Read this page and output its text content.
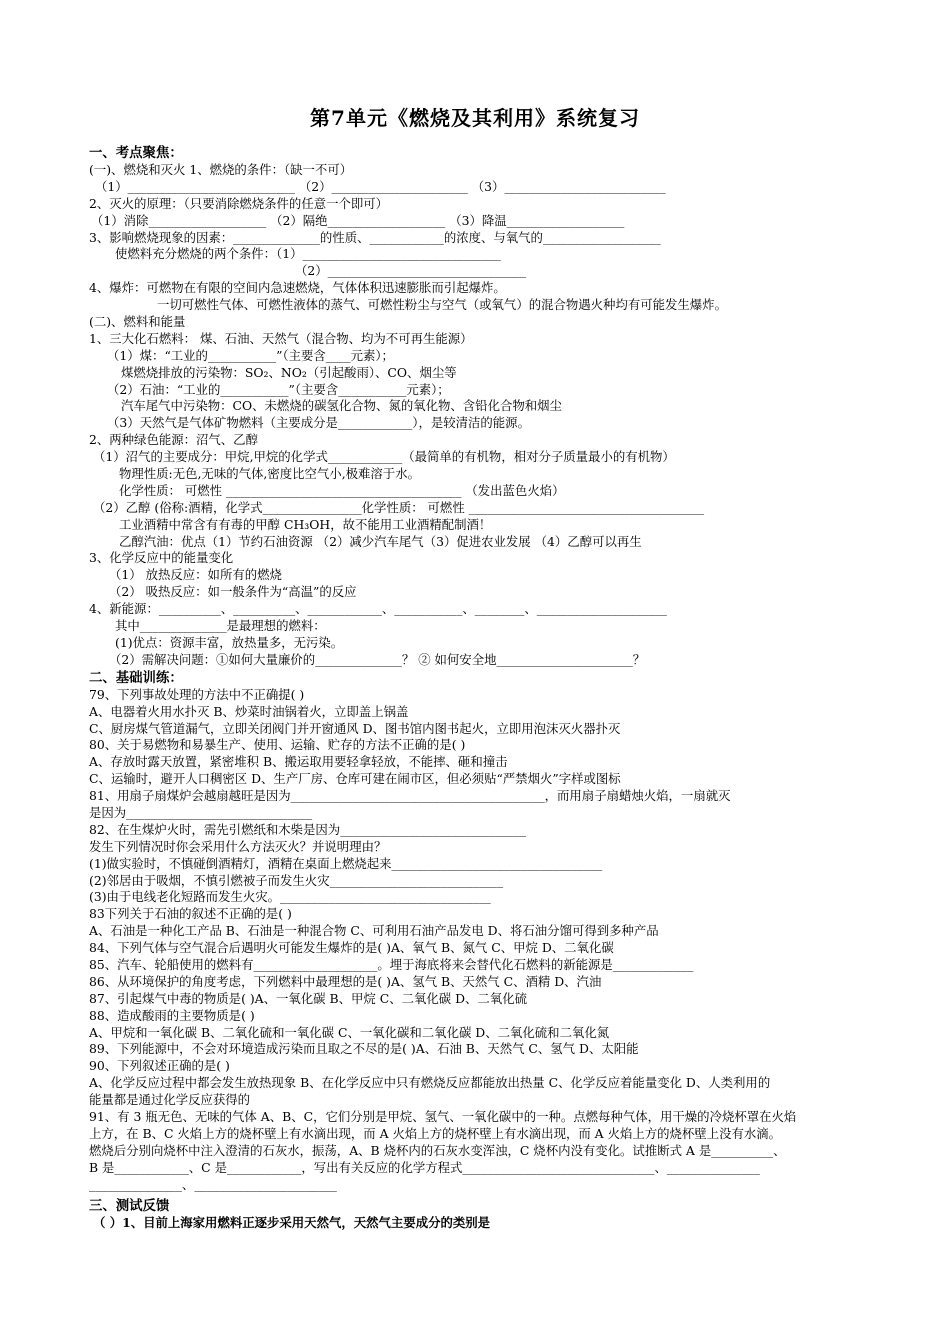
第7单元《燃烧及其利用》系统复习
一、考点聚焦：
(一)、燃烧和灭火 1、燃烧的条件：（缺一不可）
（1）___________________________ （2）______________________ （3）__________________________
2、灭火的原理：（只要消除燃烧条件的任意一个即可）
（1）消除___________________ （2）隔绝___________________ （3）降温___________________
3、影响燃烧现象的因素：______________的性质、____________的浓度、与氧气的___________________
使燃料充分燃烧的两个条件：（1）________________________________
（2）________________________________
4、爆炸：可燃物在有限的空间内急速燃烧，气体体积迅速膨胀而引起爆炸。
一切可燃性气体、可燃性液体的蒸气、可燃性粉尘与空气（或氧气）的混合物遇火种均有可能发生爆炸。
(二)、燃料和能量
1、三大化石燃料： 煤、石油、天然气（混合物、均为不可再生能源）
（1）煤：“工业的___________”（主要含____元素）；
煤燃烧排放的污染物：SO₂、NO₂（引起酸雨）、CO、烟尘等
（2）石油：“工业的___________”（主要含___________元素）；
汽车尾气中污染物：CO、未燃烧的碳氢化合物、氮的氧化物、含铅化合物和烟尘
（3）天然气是气体矿物燃料（主要成分是____________），是较清洁的能源。
2、两种绿色能源：沼气、乙醇
（1）沼气的主要成分：甲烷,甲烷的化学式____________（最简单的有机物，相对分子质量最小的有机物）
物理性质:无色,无味的气体,密度比空气小,极难溶于水。
化学性质： 可燃性 ______________________________________ （发出蓝色火焰）
（2）乙醇 (俗称:酒精，化学式________________化学性质： 可燃性 ______________________________________
工业酒精中常含有有毒的甲醇 CH₃OH，故不能用工业酒精配制酒！
乙醇汽油：优点（1）节约石油资源 （2）减少汽车尾气（3）促进农业发展 （4）乙醇可以再生
3、化学反应中的能量变化
（1） 放热反应：如所有的燃烧
（2） 吸热反应：如一般条件为“高温”的反应
4、新能源：__________、__________、____________、___________、________、_____________________
其中______________是最理想的燃料：
(1)优点：资源丰富，放热量多，无污染。
（2）需解决问题：①如何大量廉价的______________？ ② 如何安全地______________________？
二、基础训练：
79、下列事故处理的方法中不正确提( )
A、电器着火用水扑灭 B、炒菜时油锅着火，立即盖上锅盖
C、厨房煤气管道漏气，立即关闭阀门并开窗通风 D、图书馆内图书起火，立即用泡沫灭火器扑灭
80、关于易燃物和易暴生产、使用、运输、贮存的方法不正确的是( )
A、存放时露天放置，紧密堆积 B、搬运取用要轻拿轻放，不能摔、砸和撞击
C、运输时，避开人口稠密区 D、生产厂房、仓库可建在闹市区，但必须贴“严禁烟火”字样或图标
81、用扇子扇煤炉会越扇越旺是因为_________________________________________，而用扇子扇蜡烛火焰，一扇就灭
是因为______________________________
82、在生煤炉火时，需先引燃纸和木柴是因为______________________________
发生下列情况时你会采用什么方法灭火？并说明理由？
(1)做实验时，不慎碰倒酒精灯，酒精在桌面上燃烧起来__________________________________
(2)邻居由于吸烟，不慎引燃被子而发生火灾____________________________
(3)由于电线老化短路而发生火灾。__________________________________
83下列关于石油的叙述不正确的是( )
A、石油是一种化工产品 B、石油是一种混合物 C、可利用石油产品发电 D、将石油分馏可得到多种产品
84、下列气体与空气混合后遇明火可能发生爆炸的是( )A、氧气 B、氮气 C、甲烷 D、二氧化碳
85、汽车、轮船使用的燃料有____________________。埋于海底将来会替代化石燃料的新能源是_____________
86、从环境保护的角度考虑，下列燃料中最理想的是( )A、氢气 B、天然气 C、酒精 D、汽油
87、引起煤气中毒的物质是( )A、一氧化碳 B、甲烷 C、二氧化碳 D、二氧化硫
88、造成酸雨的主要物质是( )
A、甲烷和一氧化碳 B、二氧化硫和一氧化碳 C、一氧化碳和二氧化碳 D、二氧化硫和二氧化氮
89、下列能源中，不会对环境造成污染而且取之不尽的是( )A、石油 B、天然气 C、氢气 D、太阳能
90、下列叙述正确的是( )
A、化学反应过程中都会发生放热现象 B、在化学反应中只有燃烧反应都能放出热量 C、化学反应着能量变化 D、人类利用的
能量都是通过化学反应获得的
91、有 3 瓶无色、无味的气体 A、B、C，它们分别是甲烷、氢气、一氧化碳中的一种。点燃每种气体，用干燥的冷烧杯罩在火焰
上方，在 B、C 火焰上方的烧杯壁上有水滴出现，而 A 火焰上方的烧杯壁上有水滴出现，而 A 火焰上方的烧杯壁上没有水滴。
燃烧后分别向烧杯中注入澄清的石灰水，振荡，A、B 烧杯内的石灰水变浑浊，C 烧杯内没有变化。试推断式 A 是__________、
B 是____________、C 是____________，写出有关反应的化学方程式_______________________________、_______________
_______________、_______________________
三、测试反馈
（ ）1、目前上海家用燃料正逐步采用天然气，天然气主要成分的类别是
